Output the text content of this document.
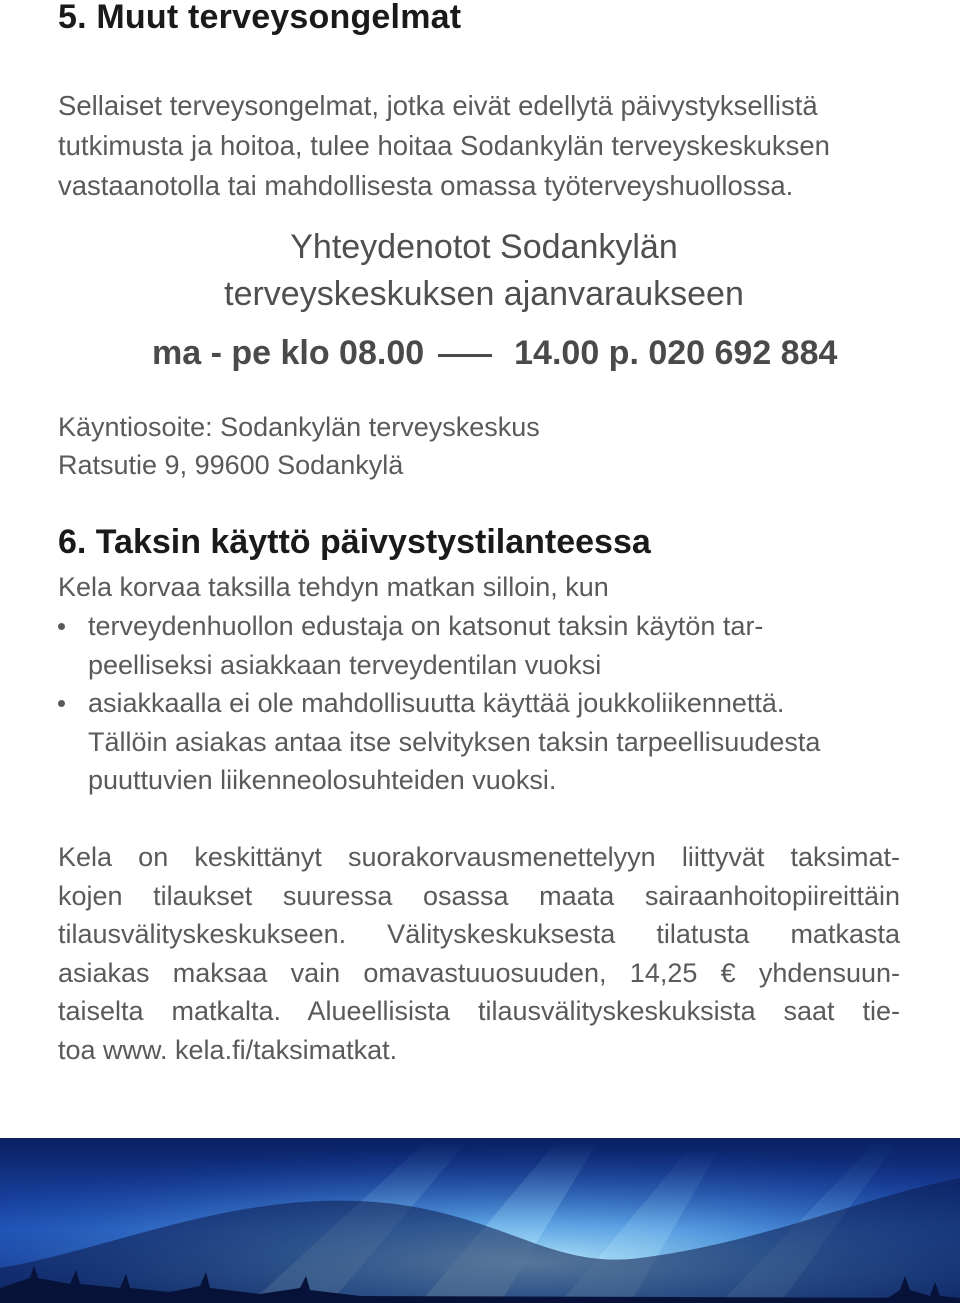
5. Muut terveysongelmat

Sellaiset terveysongelmat, jotka eivät edellytä päivystyksellistä
tutkimusta ja hoitoa, tulee hoitaa Sodankylän terveyskeskuksen
vastaanotolla tai mahdollisesta omassa työterveyshuollossa.

Yhteydenotot Sodankylän
terveyskeskuksen ajanvaraukseen

ma - pe klo 08.00	14.00 p. 020 692 884

Käyntiosoite: Sodankylän terveyskeskus
Ratsutie 9, 99600 Sodankylä

6. Taksin käyttö päivystystilanteessa

Kela korvaa taksilla tehdyn matkan silloin, kun

terveydenhuollon edustaja on katsonut taksin käytön tar-
peelliseksi asiakkaan terveydentilan vuoksi
asiakkaalla ei ole mahdollisuutta käyttää joukkoliikennettä.
Tällöin asiakas antaa itse selvityksen taksin tarpeellisuudesta
puuttuvien liikenneolosuhteiden vuoksi.

Kela on keskittänyt suorakorvausmenettelyyn liittyvät taksimat-
kojen tilaukset suuressa osassa maata sairaanhoitopiireittäin
tilausvälityskeskukseen. Välityskeskuksesta tilatusta matkasta
asiakas maksaa vain omavastuuosuuden, 14,25 € yhdensuun-
taiselta matkalta. Alueellisista tilausvälityskeskuksista saat tie-
toa www. kela.fi/taksimatkat.
